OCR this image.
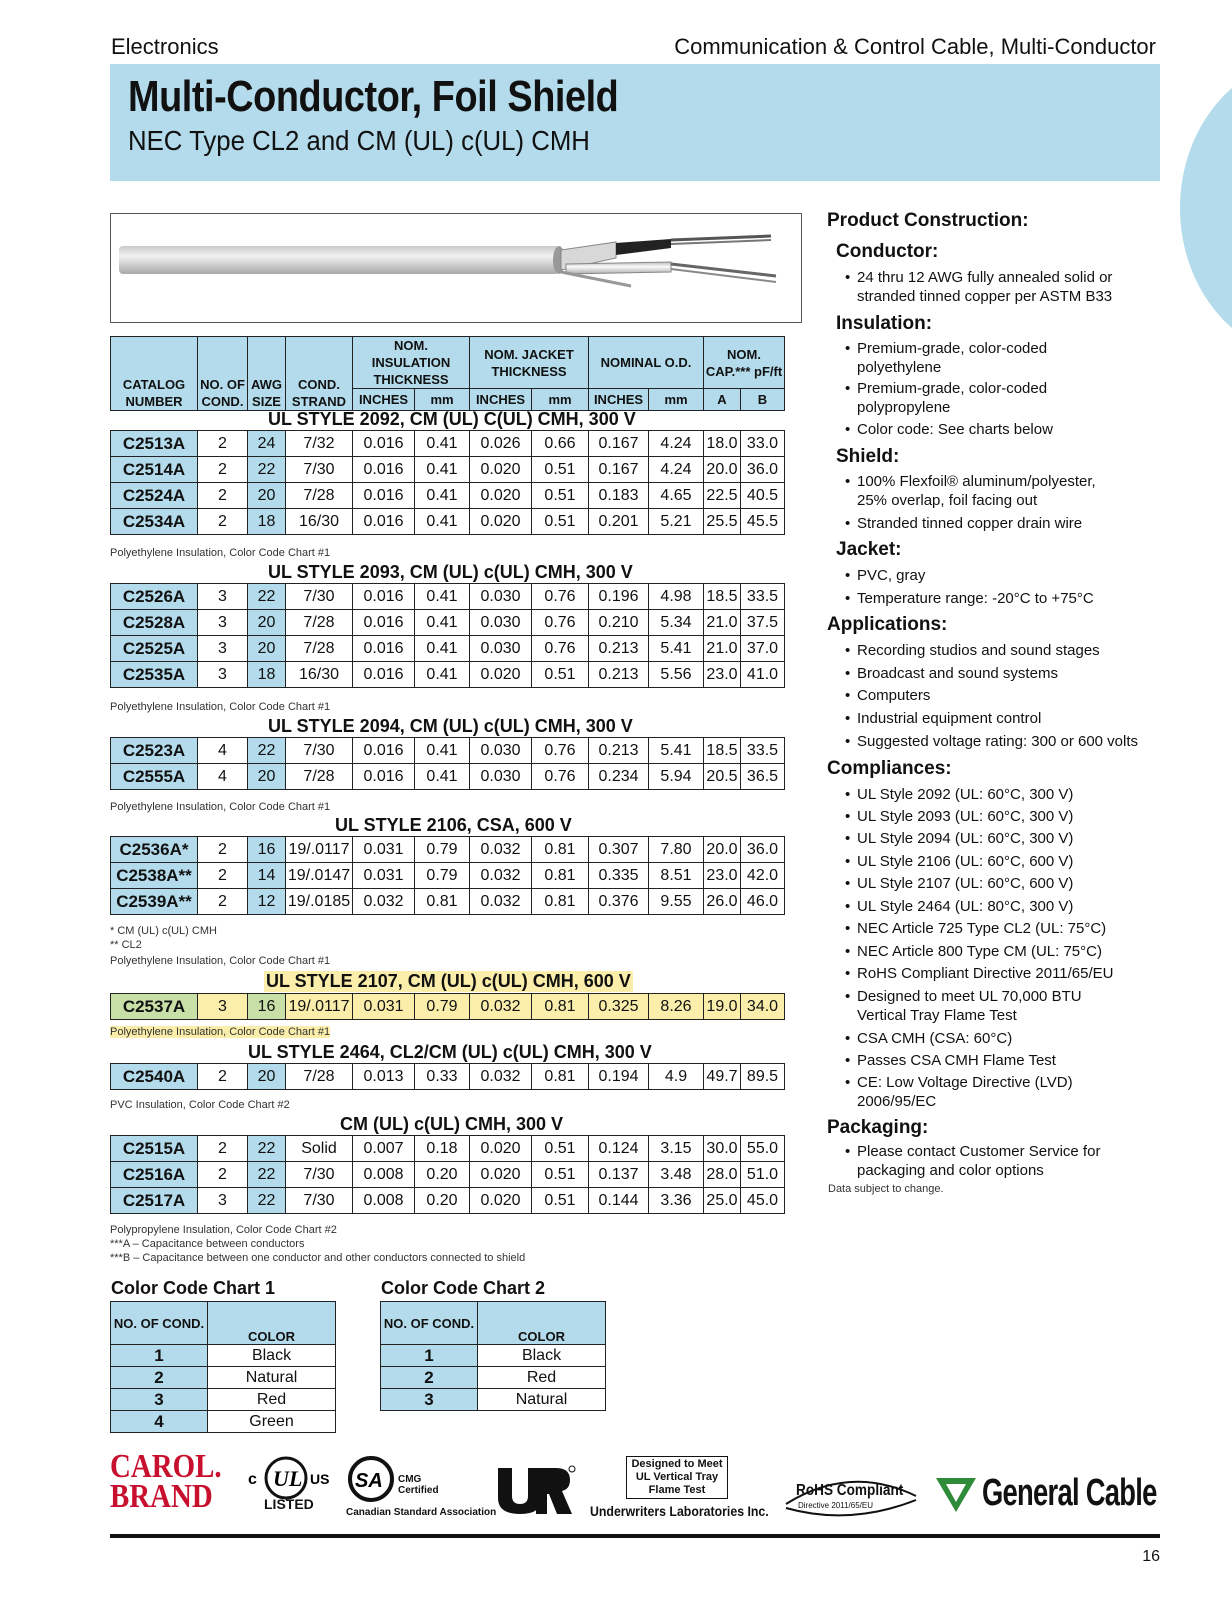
Electronics	Communication & Control Cable, Multi-Conductor
Multi-Conductor, Foil Shield
NEC Type CL2 and CM (UL) c(UL) CMH
CATALOG NUMBER	NO. OF COND.	AWG SIZE	COND. STRAND	NOM. INSULATION THICKNESS		NOM. JACKET THICKNESS		NOMINAL O.D.		NOM. CAP.*** pF/ft	
				INCHES	mm	INCHES	mm	INCHES	mm	A	B
UL STYLE 2092, CM (UL) C(UL) CMH, 300 V
C2513A	2	24	7/32	0.016	0.41	0.026	0.66	0.167	4.24	18.0	33.0
C2514A	2	22	7/30	0.016	0.41	0.020	0.51	0.167	4.24	20.0	36.0
C2524A	2	20	7/28	0.016	0.41	0.020	0.51	0.183	4.65	22.5	40.5
C2534A	2	18	16/30	0.016	0.41	0.020	0.51	0.201	5.21	25.5	45.5
Polyethylene Insulation, Color Code Chart #1
UL STYLE 2093, CM (UL) c(UL) CMH, 300 V
C2526A	3	22	7/30	0.016	0.41	0.030	0.76	0.196	4.98	18.5	33.5
C2528A	3	20	7/28	0.016	0.41	0.030	0.76	0.210	5.34	21.0	37.5
C2525A	3	20	7/28	0.016	0.41	0.030	0.76	0.213	5.41	21.0	37.0
C2535A	3	18	16/30	0.016	0.41	0.020	0.51	0.213	5.56	23.0	41.0
Polyethylene Insulation, Color Code Chart #1
UL STYLE 2094, CM (UL) c(UL) CMH, 300 V
C2523A	4	22	7/30	0.016	0.41	0.030	0.76	0.213	5.41	18.5	33.5
C2555A	4	20	7/28	0.016	0.41	0.030	0.76	0.234	5.94	20.5	36.5
Polyethylene Insulation, Color Code Chart #1
UL STYLE 2106, CSA, 600 V
C2536A*	2	16	19/.0117	0.031	0.79	0.032	0.81	0.307	7.80	20.0	36.0
C2538A**	2	14	19/.0147	0.031	0.79	0.032	0.81	0.335	8.51	23.0	42.0
C2539A**	2	12	19/.0185	0.032	0.81	0.032	0.81	0.376	9.55	26.0	46.0
Polyethylene Insulation, Color Code Chart #1
UL STYLE 2107, CM (UL) c(UL) CMH, 600 V
C2537A	3	16	19/.0117	0.031	0.79	0.032	0.81	0.325	8.26	19.0	34.0
Polyethylene Insulation, Color Code Chart #1
UL STYLE 2464, CL2/CM (UL) c(UL) CMH, 300 V
C2540A	2	20	7/28	0.013	0.33	0.032	0.81	0.194	4.9	49.7	89.5
PVC Insulation, Color Code Chart #2
CM (UL) c(UL) CMH, 300 V
C2515A	2	22	Solid	0.007	0.18	0.020	0.51	0.124	3.15	30.0	55.0
C2516A	2	22	7/30	0.008	0.20	0.020	0.51	0.137	3.48	28.0	51.0
C2517A	3	22	7/30	0.008	0.20	0.020	0.51	0.144	3.36	25.0	45.0
Polypropylene Insulation, Color Code Chart #2
* CM (UL) c(UL) CMH
** CL2
***A – Capacitance between conductors
***B – Capacitance between one conductor and other conductors connected to shield
Product Construction:
Conductor:
• 24 thru 12 AWG fully annealed solid or stranded tinned copper per ASTM B33
Insulation:
• Premium-grade, color-coded polyethylene
• Premium-grade, color-coded polypropylene
• Color code: See charts below
Shield:
• 100% Flexfoil® aluminum/polyester, 25% overlap, foil facing out
• Stranded tinned copper drain wire
Jacket:
• PVC, gray
• Temperature range: -20°C to +75°C
Applications:
• Recording studios and sound stages
• Broadcast and sound systems
• Computers
• Industrial equipment control
• Suggested voltage rating: 300 or 600 volts
Compliances:
• UL Style 2092 (UL: 60°C, 300 V)
• UL Style 2093 (UL: 60°C, 300 V)
• UL Style 2094 (UL: 60°C, 300 V)
• UL Style 2106 (UL: 60°C, 600 V)
• UL Style 2107 (UL: 60°C, 600 V)
• UL Style 2464 (UL: 80°C, 300 V)
• NEC Article 725 Type CL2 (UL: 75°C)
• NEC Article 800 Type CM (UL: 75°C)
• RoHS Compliant Directive 2011/65/EU
• Designed to meet UL 70,000 BTU Vertical Tray Flame Test
• CSA CMH (CSA: 60°C)
• Passes CSA CMH Flame Test
• CE: Low Voltage Directive (LVD) 2006/95/EC
Packaging:
• Please contact Customer Service for packaging and color options
Data subject to change.
Color Code Chart 1
NO. OF COND.	COLOR
1	Black
2	Natural
3	Red
4	Green
Color Code Chart 2
NO. OF COND.	COLOR
1	Black
2	Red
3	Natural
CAROL.
BRAND	c UL US
LISTED
SA CMG Certified
Canadian Standard Association
Designed to Meet
UL Vertical Tray
Flame Test
Underwriters Laboratories Inc.
RoHS Compliant
Directive 2011/65/EU	General Cable
16
